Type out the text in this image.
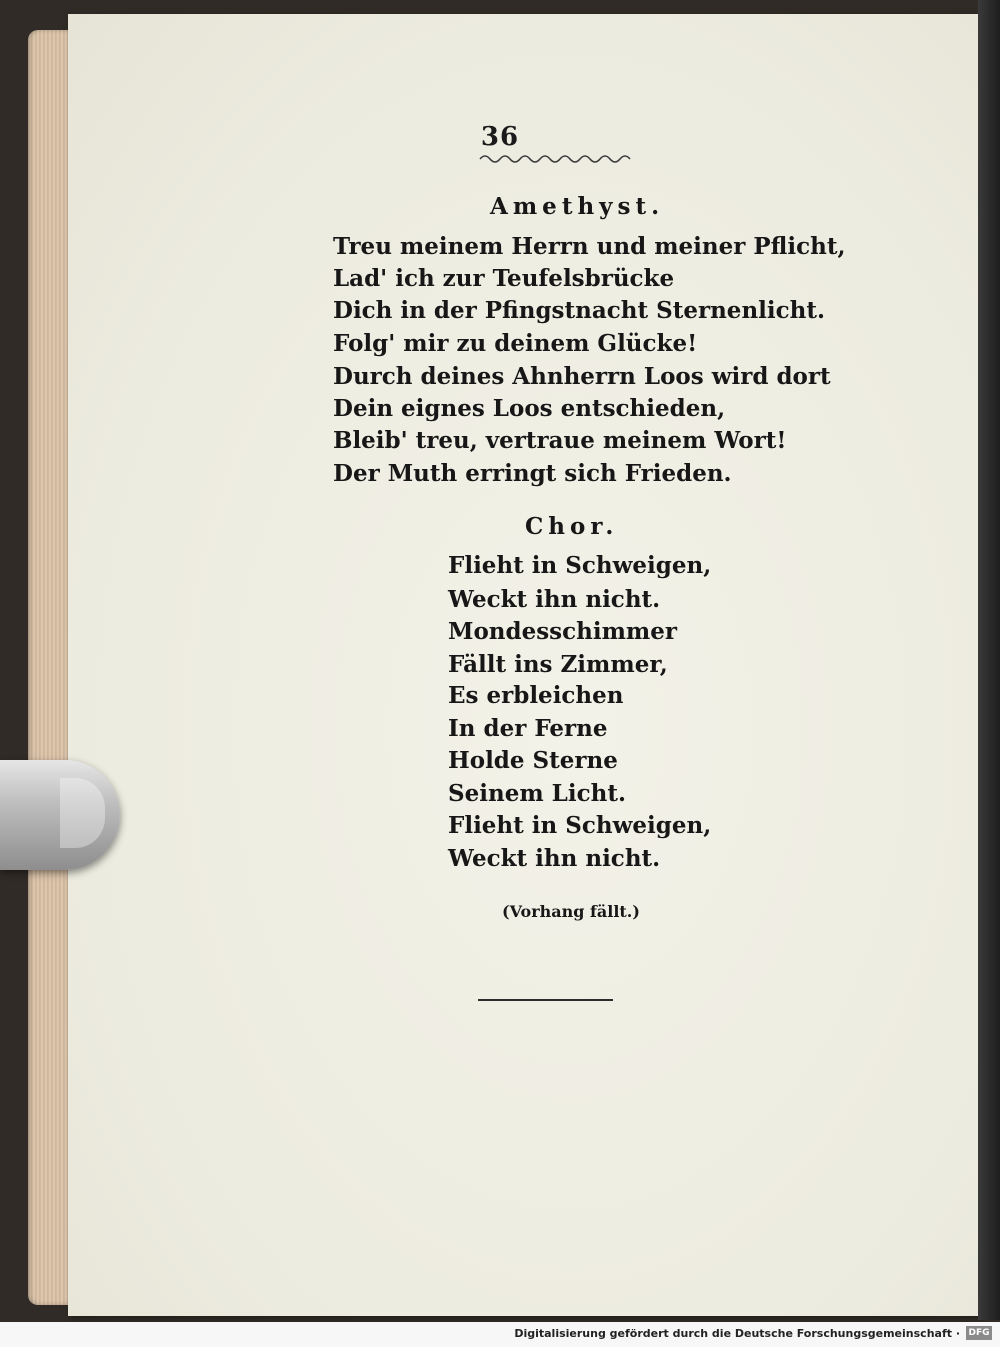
36
Amethyst.
Treu meinem Herrn und meiner Pflicht,
Lad' ich zur Teufelsbrücke
Dich in der Pfingstnacht Sternenlicht.
Folg' mir zu deinem Glücke!
Durch deines Ahnherrn Loos wird dort
Dein eignes Loos entschieden,
Bleib' treu, vertraue meinem Wort!
Der Muth erringt sich Frieden.
Chor.
Flieht in Schweigen,
Weckt ihn nicht.
Mondesschimmer
Fällt ins Zimmer,
Es erbleichen
In der Ferne
Holde Sterne
Seinem Licht.
Flieht in Schweigen,
Weckt ihn nicht.
(Vorhang fällt.)
Digitalisierung gefördert durch die Deutsche Forschungsgemeinschaft · DFG
